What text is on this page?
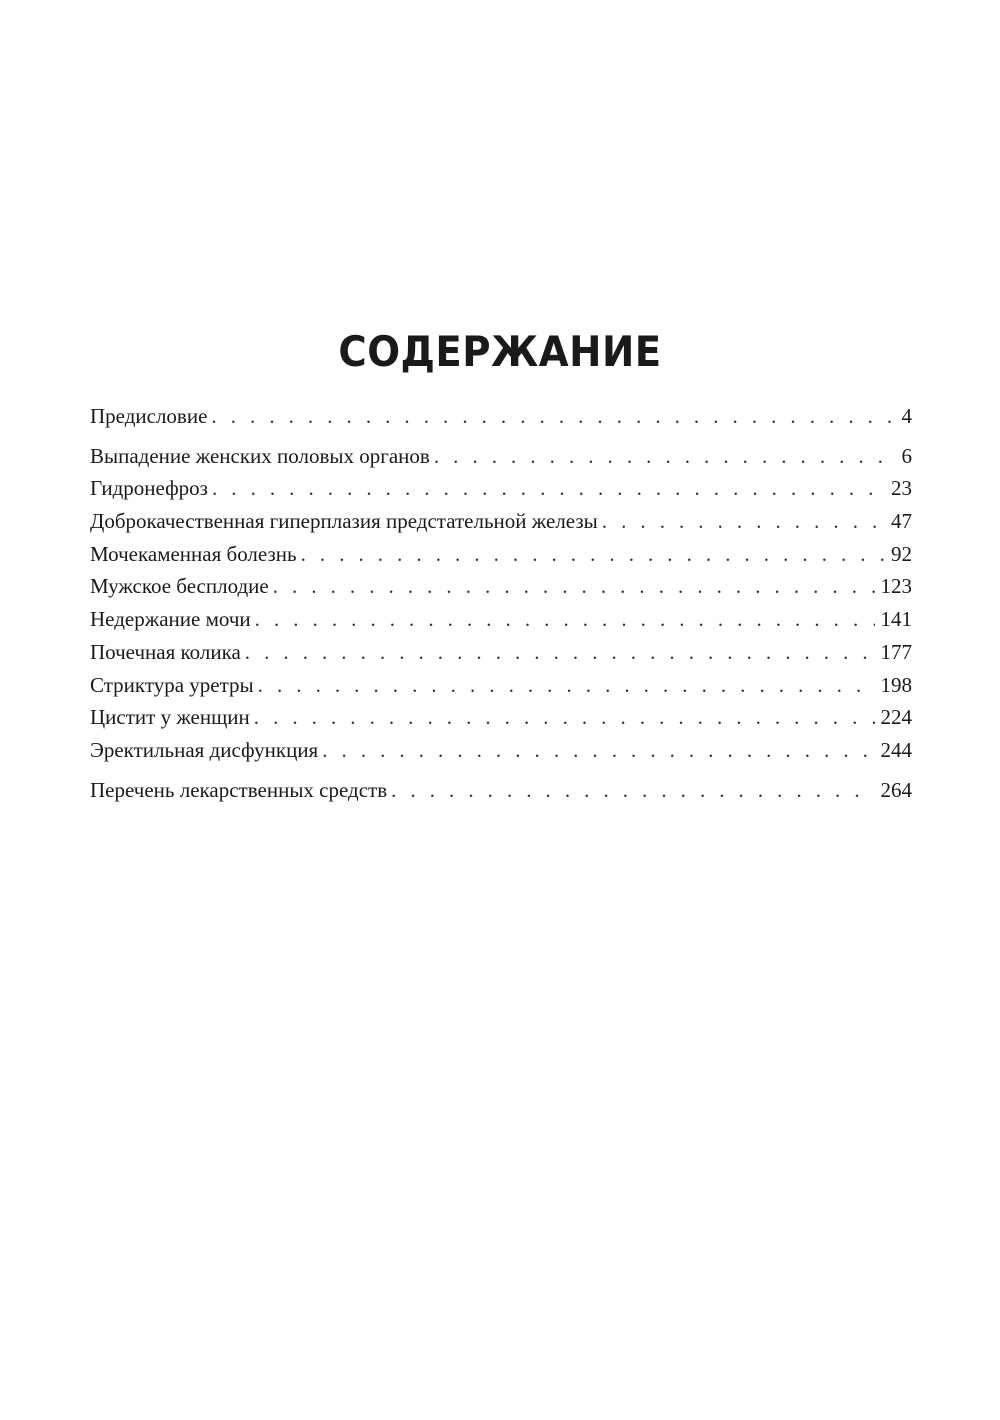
СОДЕРЖАНИЕ
Предисловие . . .	4
Выпадение женских половых органов . . .	6
Гидронефроз . . .	23
Доброкачественная гиперплазия предстательной железы . . .	47
Мочекаменная болезнь . . .	92
Мужское бесплодие . . .	123
Недержание мочи . . .	141
Почечная колика . . .	177
Стриктура уретры . . .	198
Цистит у женщин . . .	224
Эректильная дисфункция . . .	244
Перечень лекарственных средств . . .	264
